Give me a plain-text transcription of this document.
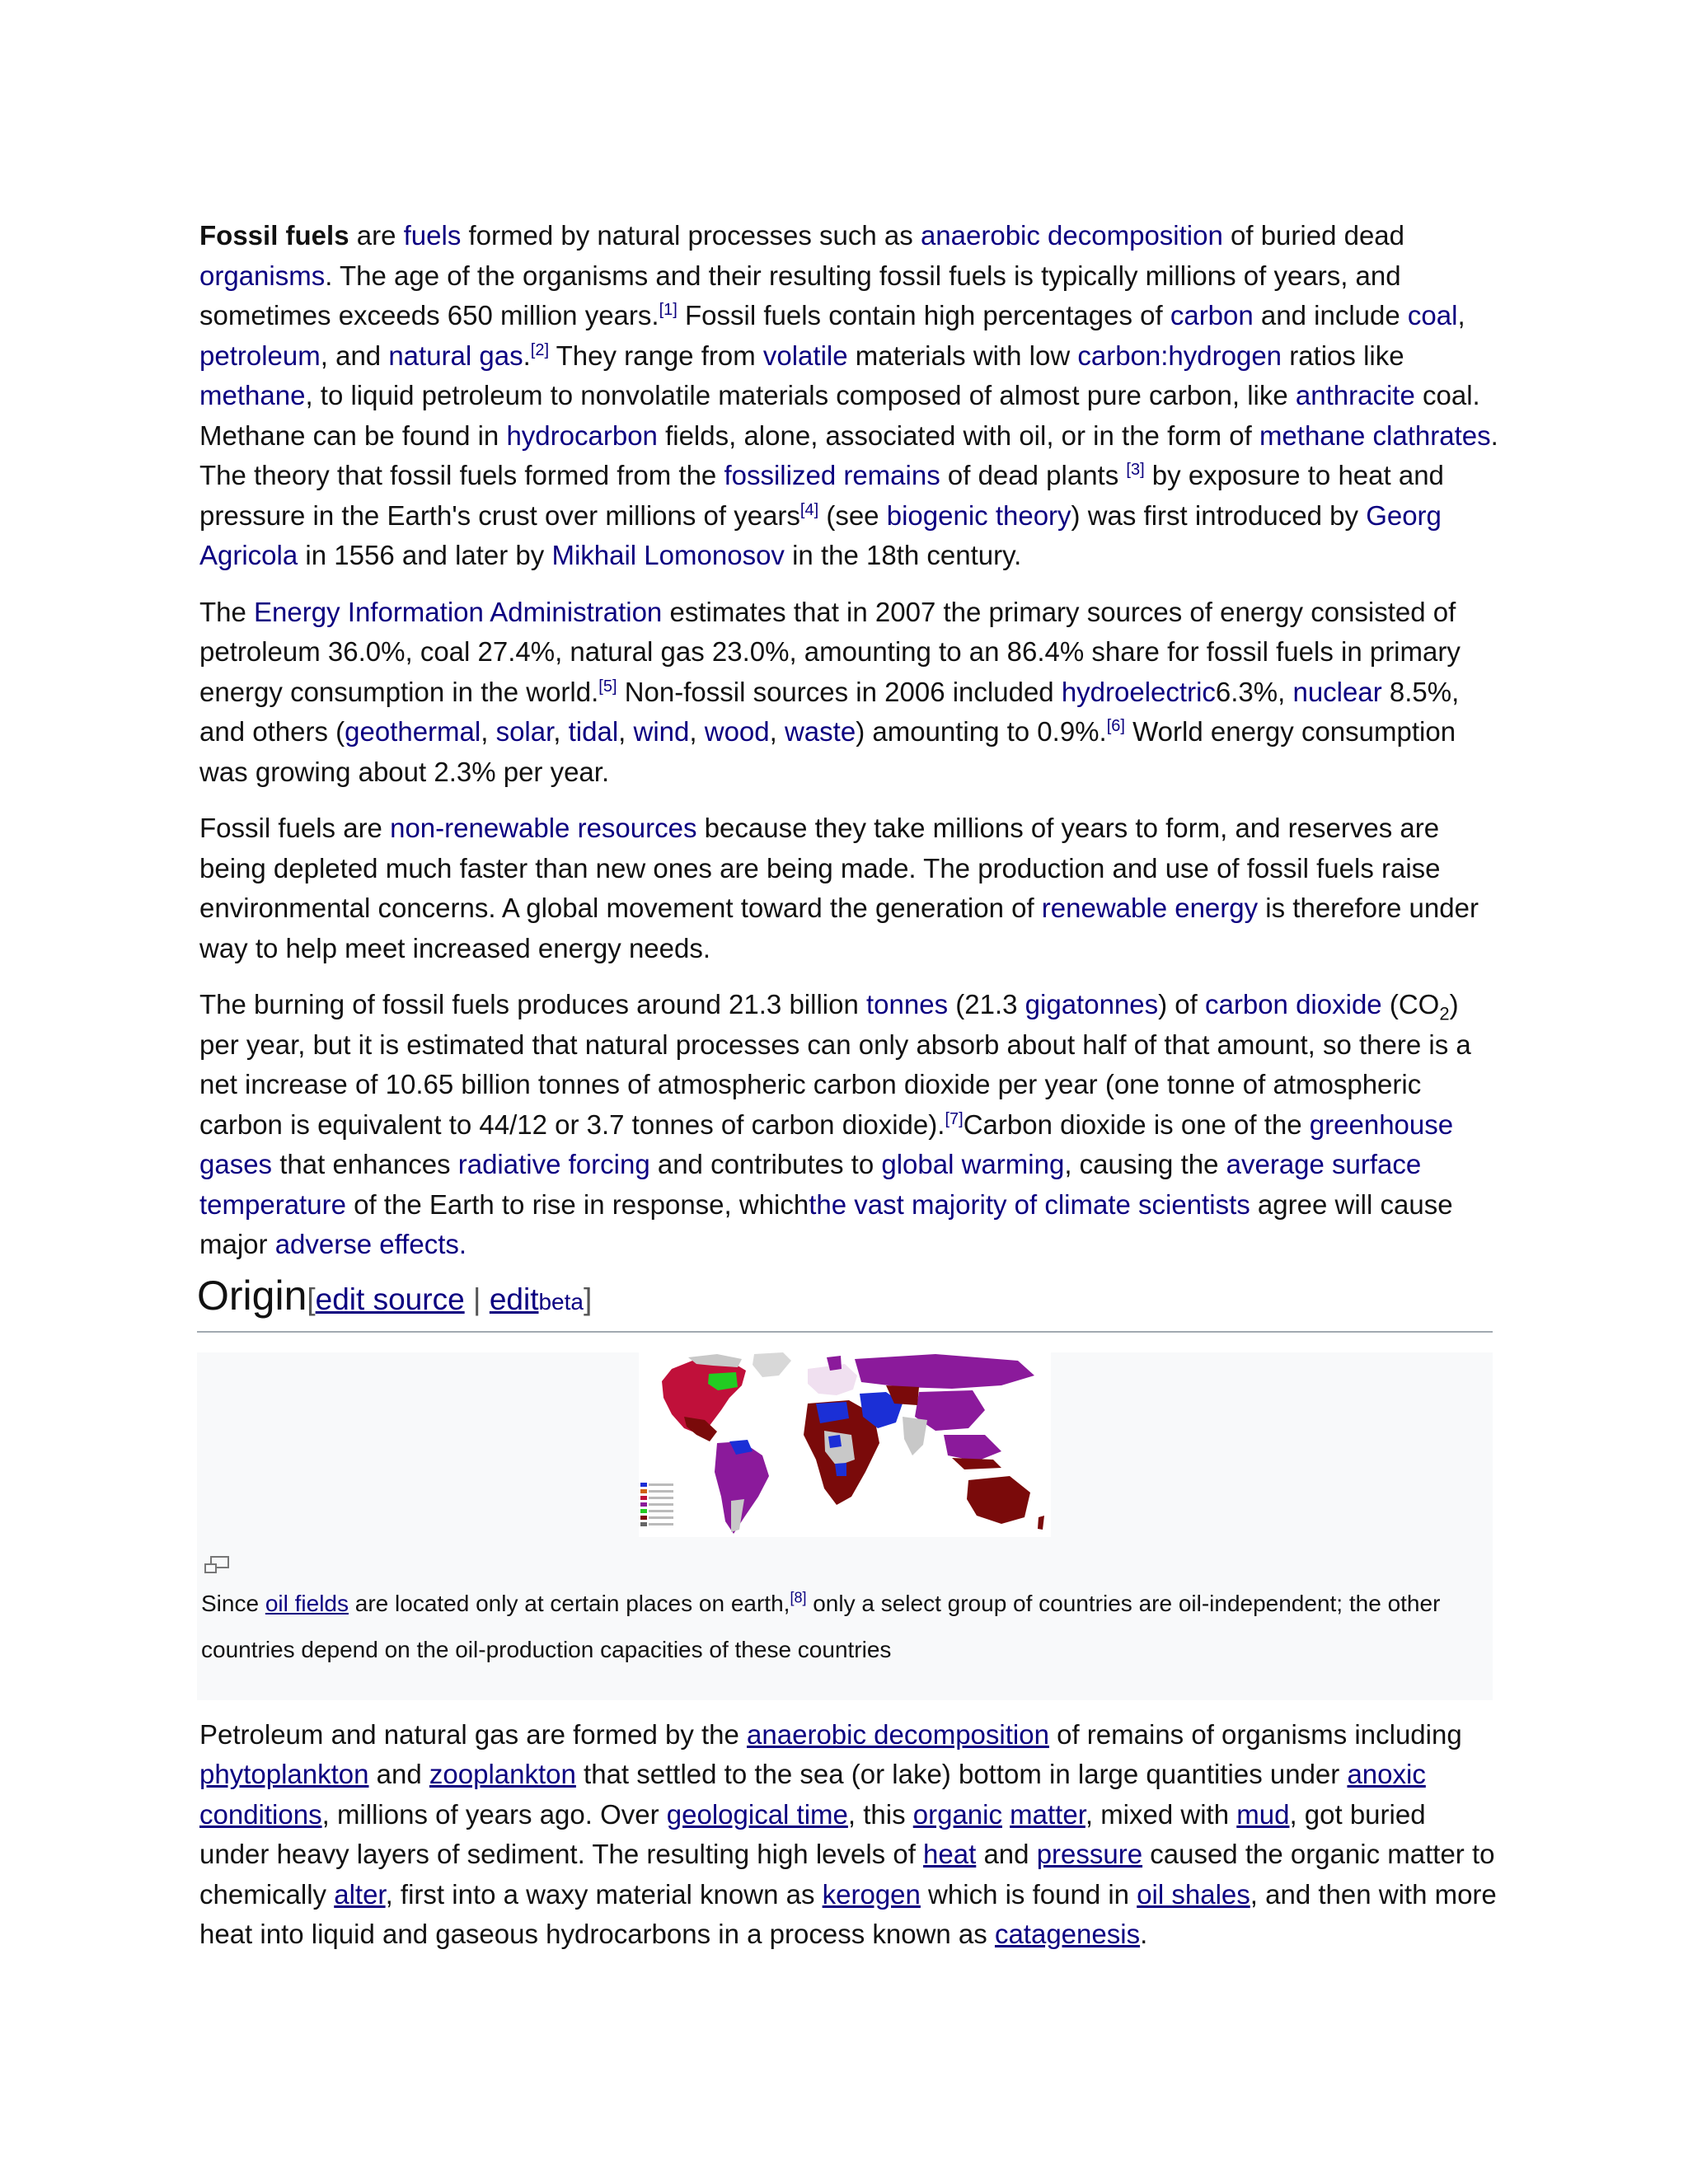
Fossil fuels are fuels formed by natural processes such as anaerobic decomposition of buried dead organisms. The age of the organisms and their resulting fossil fuels is typically millions of years, and sometimes exceeds 650 million years.[1] Fossil fuels contain high percentages of carbon and include coal, petroleum, and natural gas.[2] They range from volatile materials with low carbon:hydrogen ratios like methane, to liquid petroleum to nonvolatile materials composed of almost pure carbon, like anthracite coal. Methane can be found in hydrocarbon fields, alone, associated with oil, or in the form of methane clathrates. The theory that fossil fuels formed from the fossilized remains of dead plants [3] by exposure to heat and pressure in the Earth's crust over millions of years[4] (see biogenic theory) was first introduced by Georg Agricola in 1556 and later by Mikhail Lomonosov in the 18th century.

The Energy Information Administration estimates that in 2007 the primary sources of energy consisted of petroleum 36.0%, coal 27.4%, natural gas 23.0%, amounting to an 86.4% share for fossil fuels in primary energy consumption in the world.[5] Non-fossil sources in 2006 included hydroelectric6.3%, nuclear 8.5%, and others (geothermal, solar, tidal, wind, wood, waste) amounting to 0.9%.[6] World energy consumption was growing about 2.3% per year.

Fossil fuels are non-renewable resources because they take millions of years to form, and reserves are being depleted much faster than new ones are being made. The production and use of fossil fuels raise environmental concerns. A global movement toward the generation of renewable energy is therefore under way to help meet increased energy needs.

The burning of fossil fuels produces around 21.3 billion tonnes (21.3 gigatonnes) of carbon dioxide $(CO_2)$ per year, but it is estimated that natural processes can only absorb about half of that amount, so there is a net increase of 10.65 billion tonnes of atmospheric carbon dioxide per year (one tonne of atmospheric carbon is equivalent to 44/12 or 3.7 tonnes of carbon dioxide).[7]Carbon dioxide is one of the greenhouse gases that enhances radiative forcing and contributes to global warming, causing the average surface temperature of the Earth to rise in response, whichthe vast majority of climate scientists agree will cause major adverse effects.

Origin[edit source | editbeta]
Since oil fields are located only at certain places on earth,[8] only a select group of countries are oil-independent; the other countries depend on the oil-production capacities of these countries

Petroleum and natural gas are formed by the anaerobic decomposition of remains of organisms including phytoplankton and zooplankton that settled to the sea (or lake) bottom in large quantities under anoxic conditions, millions of years ago. Over geological time, this organic matter, mixed with mud, got buried under heavy layers of sediment. The resulting high levels of heat and pressure caused the organic matter to chemically alter, first into a waxy material known as kerogen which is found in oil shales, and then with more heat into liquid and gaseous hydrocarbons in a process known as catagenesis.
